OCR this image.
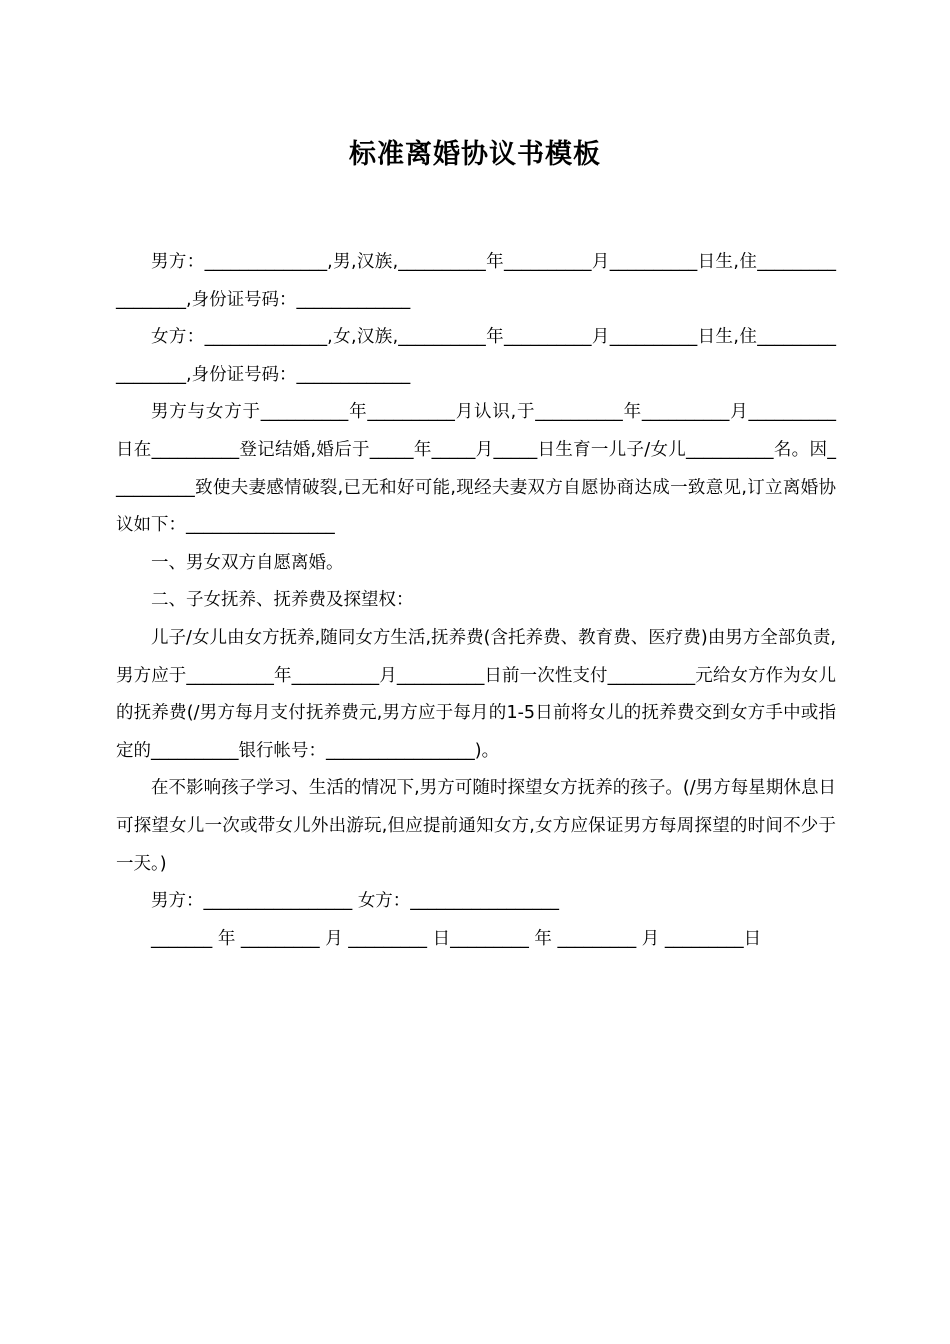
标准离婚协议书模板

男方：______________,男,汉族,__________年__________月__________日生,住_________________,身份证号码：_____________

女方：______________,女,汉族,__________年__________月__________日生,住_________________,身份证号码：_____________

男方与女方于__________年__________月认识,于__________年__________月__________日在__________登记结婚,婚后于_____年_____月_____日生育一儿子/女儿__________名。因__________致使夫妻感情破裂,已无和好可能,现经夫妻双方自愿协商达成一致意见,订立离婚协议如下：_________________

一、男女双方自愿离婚。

二、子女抚养、抚养费及探望权：

儿子/女儿由女方抚养,随同女方生活,抚养费(含托养费、教育费、医疗费)由男方全部负责,男方应于__________年__________月__________日前一次性支付__________元给女方作为女儿的抚养费(/男方每月支付抚养费元,男方应于每月的1-5日前将女儿的抚养费交到女方手中或指定的__________银行帐号：_________________)。

在不影响孩子学习、生活的情况下,男方可随时探望女方抚养的孩子。(/男方每星期休息日可探望女儿一次或带女儿外出游玩,但应提前通知女方,女方应保证男方每周探望的时间不少于一天。)

男方：_________________ 女方：_________________

_______ 年 _________ 月 _________ 日_________ 年 _________ 月 _________日
